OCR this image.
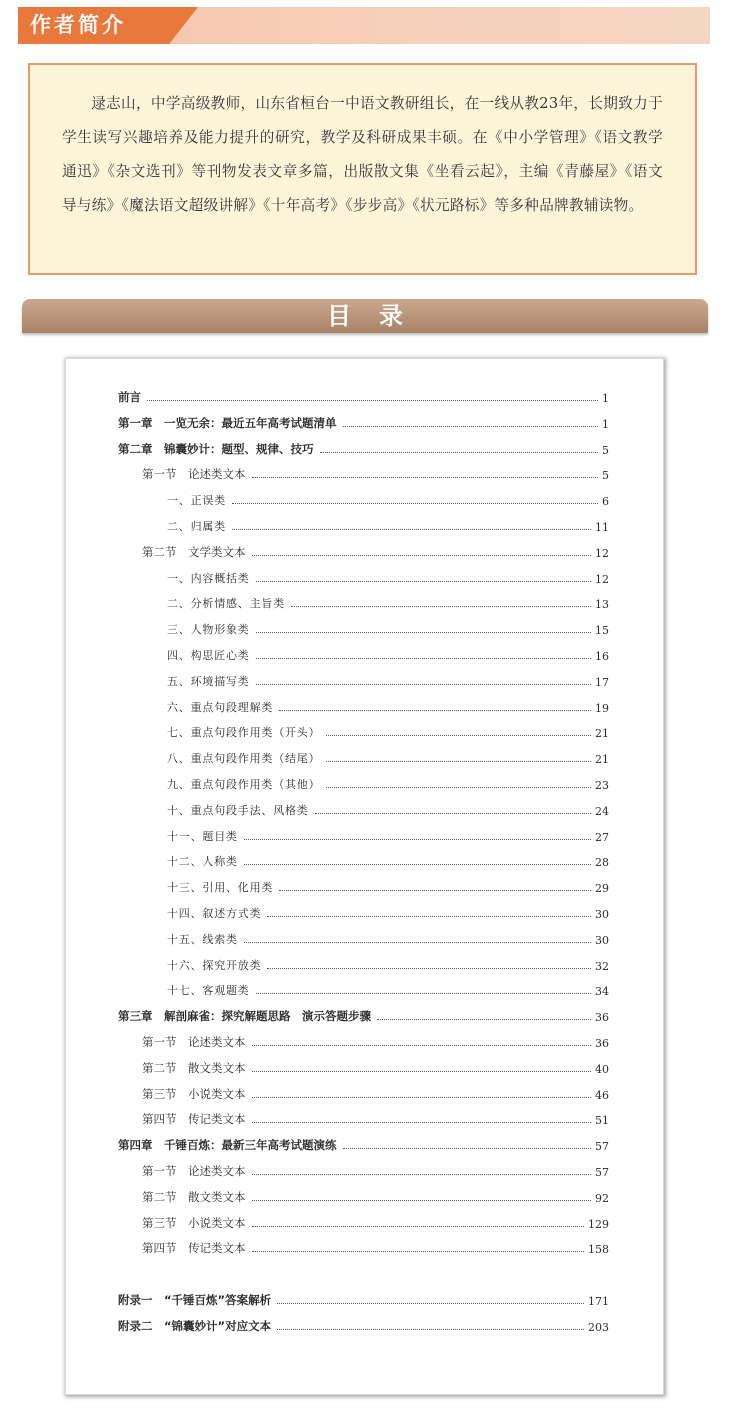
作者简介

逯志山，中学高级教师，山东省桓台一中语文教研组长，在一线从教23年，长期致力于学生读写兴趣培养及能力提升的研究，教学及科研成果丰硕。在《中小学管理》《语文教学通迅》《杂文选刊》等刊物发表文章多篇，出版散文集《坐看云起》，主编《青藤屋》《语文导与练》《魔法语文超级讲解》《十年高考》《步步高》《状元路标》等多种品牌教辅读物。

目录
前言	1
第一章　一览无余：最近五年高考试题清单	1
第二章　锦囊妙计：题型、规律、技巧	5
第一节　论述类文本	5
一、正误类	6
二、归属类	11
第二节　文学类文本	12
一、内容概括类	12
二、分析情感、主旨类	13
三、人物形象类	15
四、构思匠心类	16
五、环境描写类	17
六、重点句段理解类	19
七、重点句段作用类（开头）	21
八、重点句段作用类（结尾）	21
九、重点句段作用类（其他）	23
十、重点句段手法、风格类	24
十一、题目类	27
十二、人称类	28
十三、引用、化用类	29
十四、叙述方式类	30
十五、线索类	30
十六、探究开放类	32
十七、客观题类	34
第三章　解剖麻雀：探究解题思路　演示答题步骤	36
第一节　论述类文本	36
第二节　散文类文本	40
第三节　小说类文本	46
第四节　传记类文本	51
第四章　千锤百炼：最新三年高考试题演练	57
第一节　论述类文本	57
第二节　散文类文本	92
第三节　小说类文本	129
第四节　传记类文本	158
附录一　“千锤百炼”答案解析	171
附录二　“锦囊妙计”对应文本	203
